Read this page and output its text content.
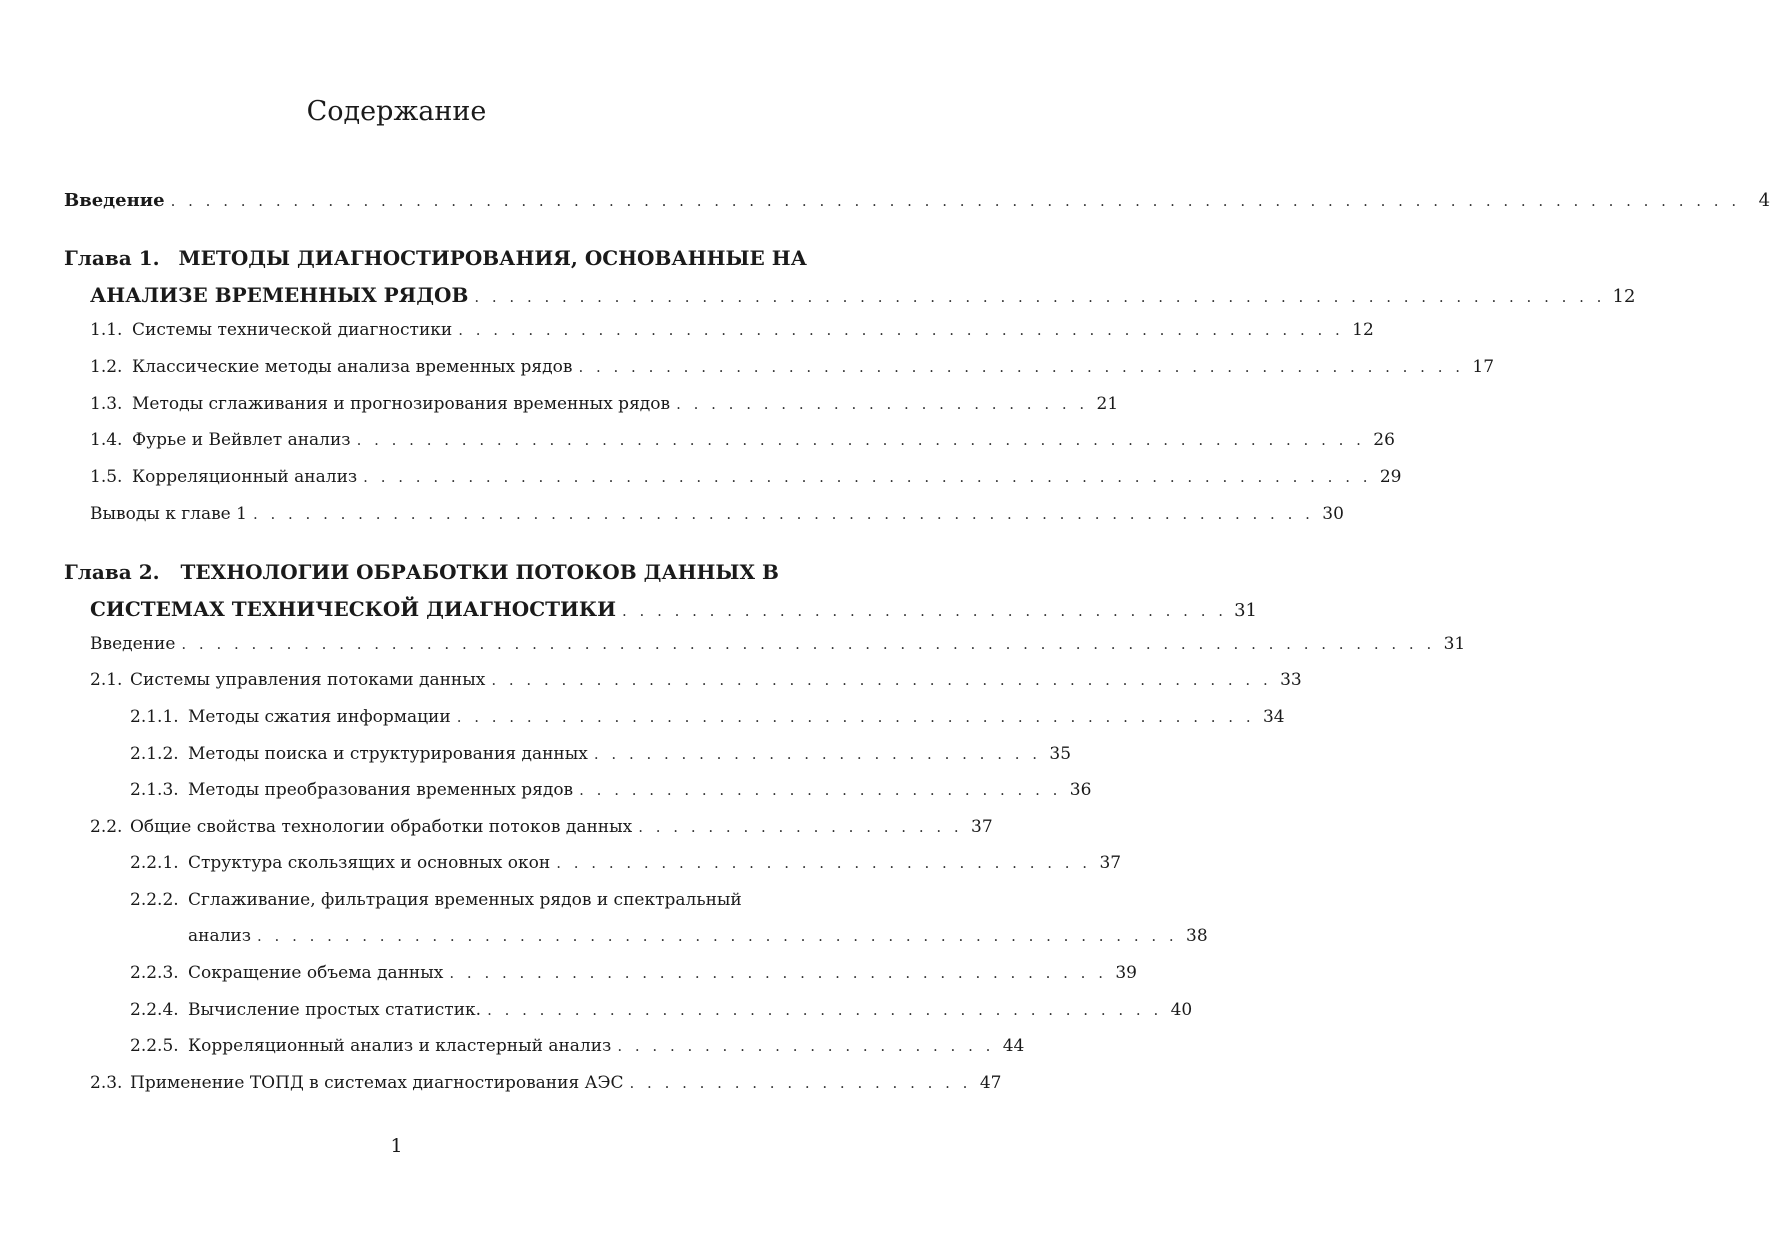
Содержание
Введение . . . . . . . . . . . . . . . . . . . . . . . . . . . . . . . . . . . . . . . . . . . . . . . . . . . . . . . . . . . . . . . . . . . . . . . . . . . . . . . . . . . . . . . . . .	4
Глава 1. МЕТОДЫ ДИАГНОСТИРОВАНИЯ, ОСНОВАННЫЕ НА
АНАЛИЗЕ ВРЕМЕННЫХ РЯДОВ . . . . . . . . . . . . . . . . . . . . . . . . . . . . . . . . . . . . . . . . . . . . . . . . . . . . . . . . . . . . . . . . . 12
1.1. Системы технической диагностики . . . . . . . . . . . . . . . . . . . . . . . . . . . . . . . . . . . . . . . . . . . . . . . . . . . 12
1.2. Классические методы анализа временных рядов . . . . . . . . . . . . . . . . . . . . . . . . . . . . . . . . . . . . . . . . . . . . . . . . . . . 17
1.3. Методы сглаживания и прогнозирования временных рядов . . . . . . . . . . . . . . . . . . . . . . . . 21
1.4. Фурье и Вейвлет анализ . . . . . . . . . . . . . . . . . . . . . . . . . . . . . . . . . . . . . . . . . . . . . . . . . . . . . . . . . . 26
1.5. Корреляционный анализ . . . . . . . . . . . . . . . . . . . . . . . . . . . . . . . . . . . . . . . . . . . . . . . . . . . . . . . . . . 29
Выводы к главе 1 . . . . . . . . . . . . . . . . . . . . . . . . . . . . . . . . . . . . . . . . . . . . . . . . . . . . . . . . . . . . . 30
Глава 2. ТЕХНОЛОГИИ ОБРАБОТКИ ПОТОКОВ ДАННЫХ В
СИСТЕМАХ ТЕХНИЧЕСКОЙ ДИАГНОСТИКИ . . . . . . . . . . . . . . . . . . . . . . . . . . . . . . . . . . . 31
Введение . . . . . . . . . . . . . . . . . . . . . . . . . . . . . . . . . . . . . . . . . . . . . . . . . . . . . . . . . . . . . . . . . . . . . . . . 31
2.1. Системы управления потоками данных . . . . . . . . . . . . . . . . . . . . . . . . . . . . . . . . . . . . . . . . . . . . . 33
2.1.1. Методы сжатия информации . . . . . . . . . . . . . . . . . . . . . . . . . . . . . . . . . . . . . . . . . . . . . . 34
2.1.2. Методы поиска и структурирования данных . . . . . . . . . . . . . . . . . . . . . . . . . . 35
2.1.3. Методы преобразования временных рядов . . . . . . . . . . . . . . . . . . . . . . . . . . . . 36
2.2. Общие свойства технологии обработки потоков данных . . . . . . . . . . . . . . . . . . . 37
2.2.1. Структура скользящих и основных окон . . . . . . . . . . . . . . . . . . . . . . . . . . . . . . . 37
2.2.2. Сглаживание, фильтрация временных рядов и спектральный
анализ . . . . . . . . . . . . . . . . . . . . . . . . . . . . . . . . . . . . . . . . . . . . . . . . . . . . . 38
2.2.3. Сокращение объема данных . . . . . . . . . . . . . . . . . . . . . . . . . . . . . . . . . . . . . . 39
2.2.4. Вычисление простых статистик. . . . . . . . . . . . . . . . . . . . . . . . . . . . . . . . . . . . . . . . 40
2.2.5. Корреляционный анализ и кластерный анализ . . . . . . . . . . . . . . . . . . . . . . 44
2.3. Применение ТОПД в системах диагностирования АЭС . . . . . . . . . . . . . . . . . . . . 47
1
